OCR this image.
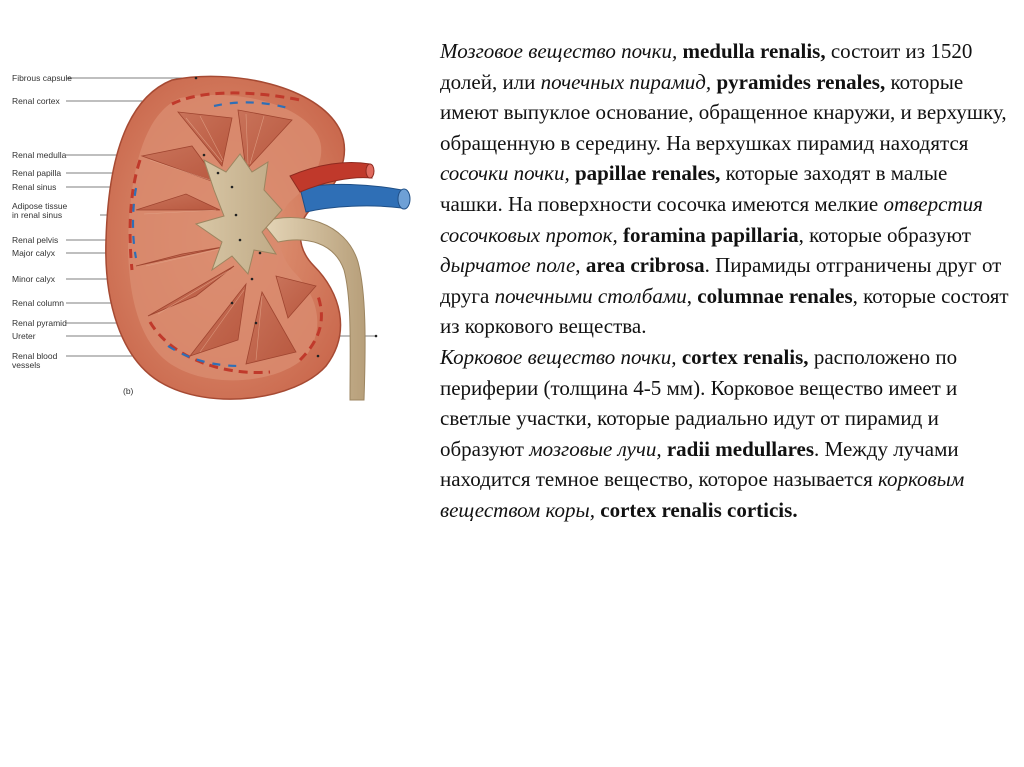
Fibrous capsule
Renal cortex
Renal medulla
Renal papilla
Renal sinus
Adipose tissue
in renal sinus
Renal pelvis
Major calyx
Minor calyx
Renal column
Renal pyramid
Ureter
Renal blood
vessels
(b)

Мозговое вещество почки, medulla renalis, состоит из 1520 долей, или почечных пирамид, pyramides renales, которые имеют выпуклое основание, обращенное кнаружи, и верхушку, обращенную в середину. На верхушках пирамид находятся сосочки почки, papillae renales, которые заходят в малые чашки. На поверхности сосочка имеются мелкие отверстия сосочковых проток, foramina papillaria, которые образуют дырчатое поле, area cribrosa. Пирамиды отграничены друг от друга почечными столбами, columnae renales, которые состоят из коркового вещества.

Корковое вещество почки, cortex renalis, расположено по периферии (толщина 4-5 мм). Корковое вещество имеет и светлые участки, которые радиально идут от пирамид и образуют мозговые лучи, radii medullares. Между лучами находится темное вещество, которое называется корковым веществом коры, cortex renalis corticis.
